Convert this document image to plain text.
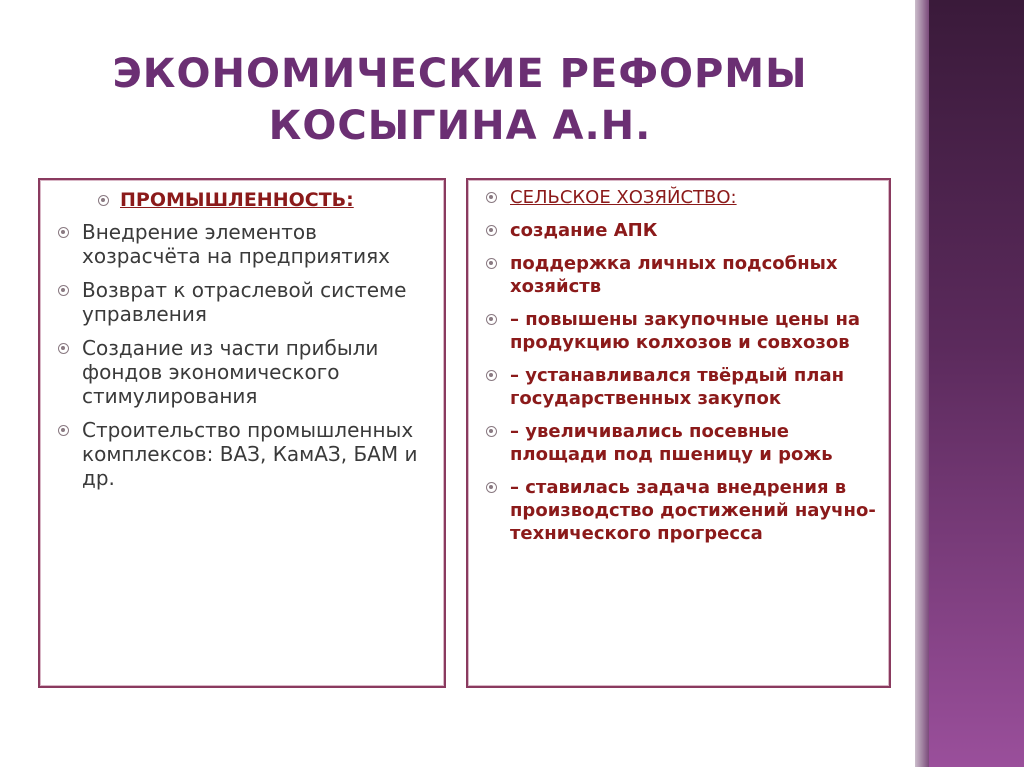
ЭКОНОМИЧЕСКИЕ РЕФОРМЫ
КОСЫГИНА А.Н.
ПРОМЫШЛЕННОСТЬ:
Внедрение элементов хозрасчёта на предприятиях
Возврат к отраслевой системе управления
Создание из части прибыли фондов экономического стимулирования
Строительство промышленных комплексов: ВАЗ, КамАЗ, БАМ и др.
СЕЛЬСКОЕ ХОЗЯЙСТВО:
создание АПК
поддержка личных подсобных хозяйств
– повышены закупочные цены на продукцию колхозов и совхозов
– устанавливался твёрдый план государственных закупок
– увеличивались посевные площади под пшеницу и рожь
– ставилась задача внедрения в производство достижений научно-технического прогресса
